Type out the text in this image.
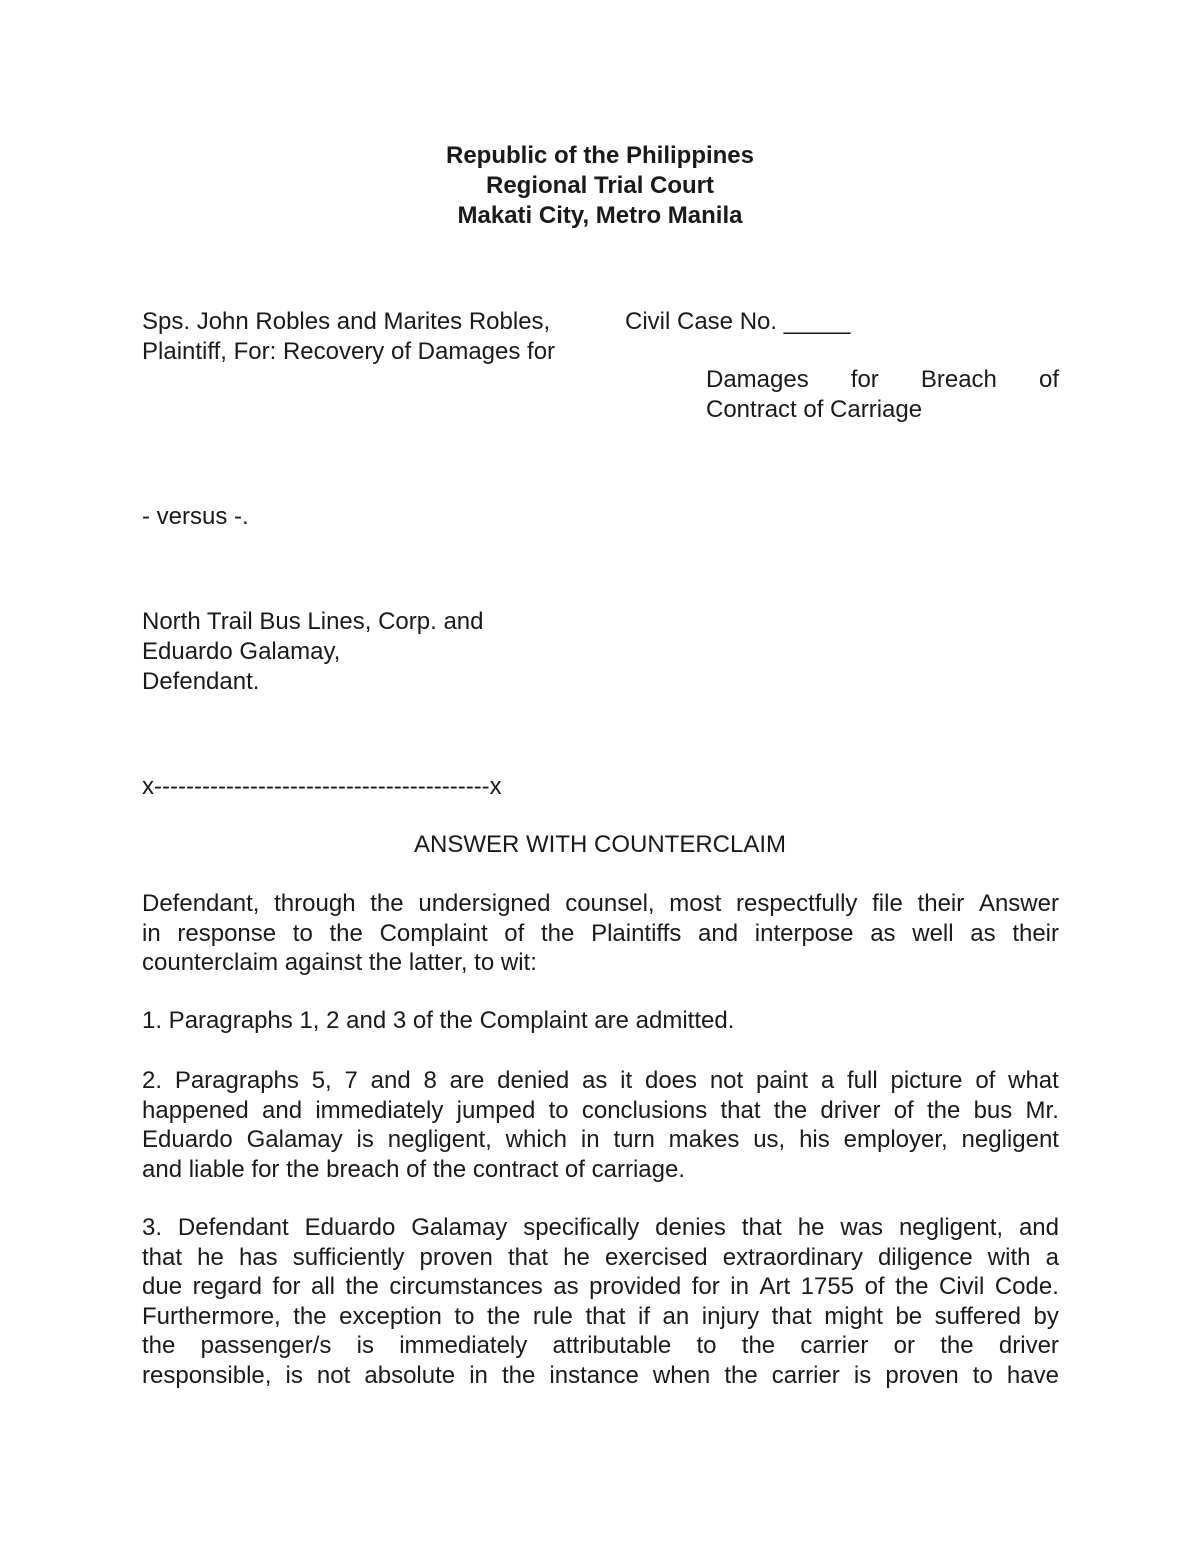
Republic of the Philippines
Regional Trial Court
Makati City, Metro Manila
Sps. John Robles and Marites Robles,
Plaintiff, For: Recovery of Damages for
Civil Case No. _____
Damages for Breach of
Contract of Carriage
- versus -.
North Trail Bus Lines, Corp. and
Eduardo Galamay,
Defendant.
x------------------------------------------x
ANSWER WITH COUNTERCLAIM
Defendant, through the undersigned counsel, most respectfully file their Answer
in response to the Complaint of the Plaintiffs and interpose as well as their
counterclaim against the latter, to wit:
1. Paragraphs 1, 2 and 3 of the Complaint are admitted.
2. Paragraphs 5, 7 and 8 are denied as it does not paint a full picture of what
happened and immediately jumped to conclusions that the driver of the bus Mr.
Eduardo Galamay is negligent, which in turn makes us, his employer, negligent
and liable for the breach of the contract of carriage.
3. Defendant Eduardo Galamay specifically denies that he was negligent, and
that he has sufficiently proven that he exercised extraordinary diligence with a
due regard for all the circumstances as provided for in Art 1755 of the Civil Code.
Furthermore, the exception to the rule that if an injury that might be suffered by
the passenger/s is immediately attributable to the carrier or the driver
responsible, is not absolute in the instance when the carrier is proven to have
